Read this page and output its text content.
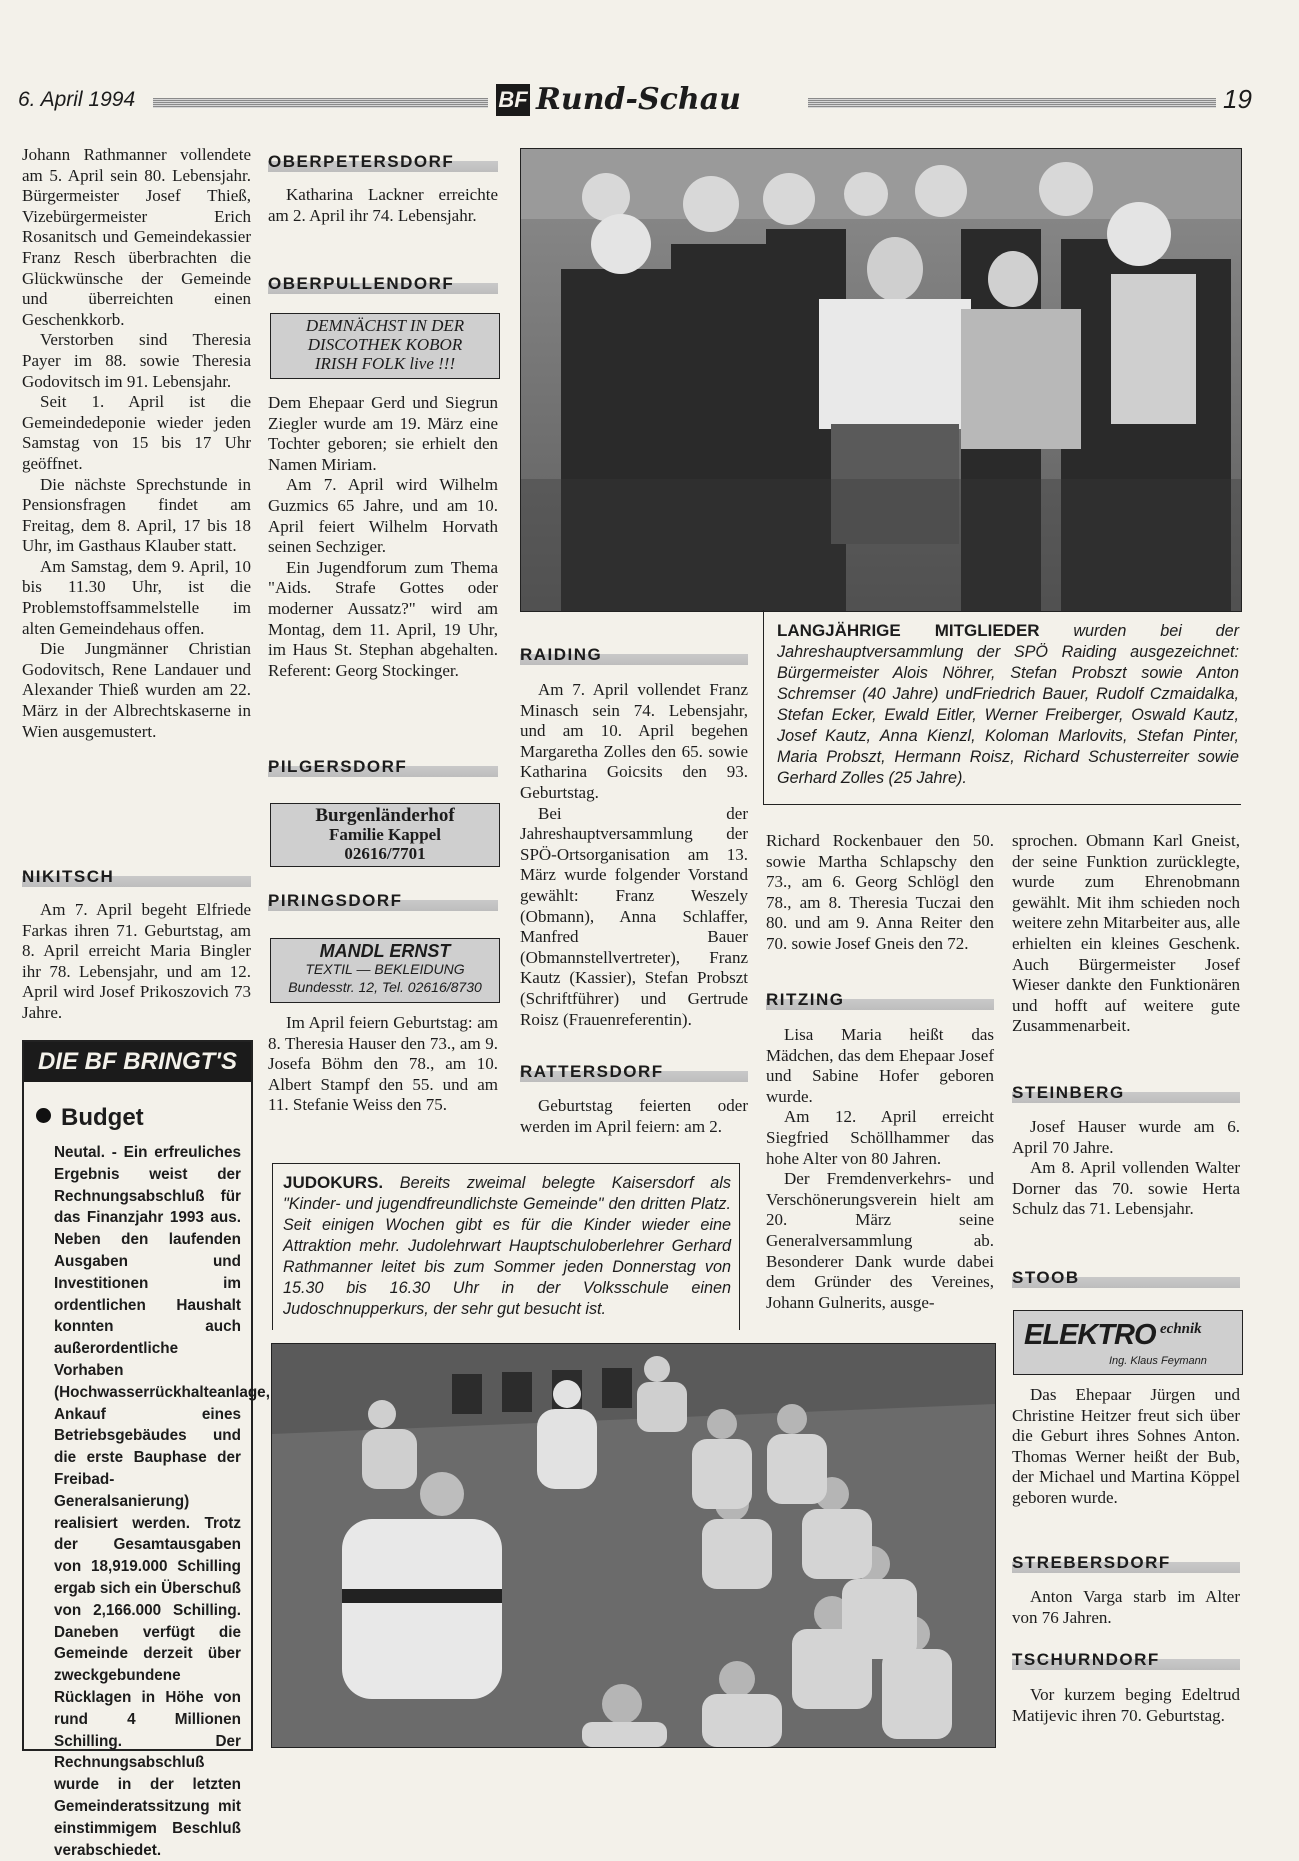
6. April 1994	BF Rund-Schau	19

Johann Rathmanner vollendete am 5. April sein 80. Lebensjahr. Bürgermeister Josef Thieß, Vizebürgermeister Erich Rosanitsch und Gemeindekassier Franz Resch überbrachten die Glückwünsche der Gemeinde und überreichten einen Geschenkkorb.

Verstorben sind Theresia Payer im 88. sowie Theresia Godovitsch im 91. Lebensjahr.

Seit 1. April ist die Gemeindedeponie wieder jeden Samstag von 15 bis 17 Uhr geöffnet.

Die nächste Sprechstunde in Pensionsfragen findet am Freitag, dem 8. April, 17 bis 18 Uhr, im Gasthaus Klauber statt.

Am Samstag, dem 9. April, 10 bis 11.30 Uhr, ist die Problemstoffsammelstelle im alten Gemeindehaus offen.

Die Jungmänner Christian Godovitsch, Rene Landauer und Alexander Thieß wurden am 22. März in der Albrechtskaserne in Wien ausgemustert.

NIKITSCH

Am 7. April begeht Elfriede Farkas ihren 71. Geburtstag, am 8. April erreicht Maria Bingler ihr 78. Lebensjahr, und am 12. April wird Josef Prikoszovich 73 Jahre.

DIE BF BRINGT'S
Budget
Neutal. - Ein erfreuliches Ergebnis weist der Rechnungsabschluß für das Finanzjahr 1993 aus. Neben den laufenden Ausgaben und Investitionen im ordentlichen Haushalt konnten auch außerordentliche Vorhaben (Hochwasserrückhalteanlage, Ankauf eines Betriebsgebäudes und die erste Bauphase der Freibad-Generalsanierung) realisiert werden. Trotz der Gesamtausgaben von 18,919.000 Schilling ergab sich ein Überschuß von 2,166.000 Schilling. Daneben verfügt die Gemeinde derzeit über zweckgebundene Rücklagen in Höhe von rund 4 Millionen Schilling. Der Rechnungsabschluß wurde in der letzten Gemeinderatssitzung mit einstimmigem Beschluß verabschiedet.
OBERPETERSDORF

Katharina Lackner erreichte am 2. April ihr 74. Lebensjahr.

OBERPULLENDORF
DEMNÄCHST IN DER
DISCOTHEK KOBOR
IRISH FOLK live !!!

Dem Ehepaar Gerd und Siegrun Ziegler wurde am 19. März eine Tochter geboren; sie erhielt den Namen Miriam.

Am 7. April wird Wilhelm Guzmics 65 Jahre, und am 10. April feiert Wilhelm Horvath seinen Sechziger.

Ein Jugendforum zum Thema "Aids. Strafe Gottes oder moderner Aussatz?" wird am Montag, dem 11. April, 19 Uhr, im Haus St. Stephan abgehalten. Referent: Georg Stockinger.

PILGERSDORF
Burgenländerhof
Familie Kappel
02616/7701
PIRINGSDORF
MANDL ERNST
TEXTIL — BEKLEIDUNG
Bundesstr. 12, Tel. 02616/8730

Im April feiern Geburtstag: am 8. Theresia Hauser den 73., am 9. Josefa Böhm den 78., am 10. Albert Stampf den 55. und am 11. Stefanie Weiss den 75.

LANGJÄHRIGE MITGLIEDER wurden bei der Jahreshauptversammlung der SPÖ Raiding ausgezeichnet: Bürgermeister Alois Nöhrer, Stefan Probszt sowie Anton Schremser (40 Jahre) undFriedrich Bauer, Rudolf Czmaidalka, Stefan Ecker, Ewald Eitler, Werner Freiberger, Oswald Kautz, Josef Kautz, Anna Kienzl, Koloman Marlovits, Stefan Pinter, Maria Probszt, Hermann Roisz, Richard Schusterreiter sowie Gerhard Zolles (25 Jahre).
RAIDING

Am 7. April vollendet Franz Minasch sein 74. Lebensjahr, und am 10. April begehen Margaretha Zolles den 65. sowie Katharina Goicsits den 93. Geburtstag.

Bei der Jahreshauptversammlung der SPÖ-Ortsorganisation am 13. März wurde folgender Vorstand gewählt: Franz Weszely (Obmann), Anna Schlaffer, Manfred Bauer (Obmannstellvertreter), Franz Kautz (Kassier), Stefan Probszt (Schriftführer) und Gertrude Roisz (Frauenreferentin).

RATTERSDORF

Geburtstag feierten oder werden im April feiern: am 2.

Richard Rockenbauer den 50. sowie Martha Schlapschy den 73., am 6. Georg Schlögl den 78., am 8. Theresia Tuczai den 80. und am 9. Anna Reiter den 70. sowie Josef Gneis den 72.

RITZING

Lisa Maria heißt das Mädchen, das dem Ehepaar Josef und Sabine Hofer geboren wurde.

Am 12. April erreicht Siegfried Schöllhammer das hohe Alter von 80 Jahren.

Der Fremdenverkehrs- und Verschönerungsverein hielt am 20. März seine Generalversammlung ab. Besonderer Dank wurde dabei dem Gründer des Vereines, Johann Gulnerits, ausge-

sprochen. Obmann Karl Gneist, der seine Funktion zurücklegte, wurde zum Ehrenobmann gewählt. Mit ihm schieden noch weitere zehn Mitarbeiter aus, alle erhielten ein kleines Geschenk. Auch Bürgermeister Josef Wieser dankte den Funktionären und hofft auf weitere gute Zusammenarbeit.

STEINBERG

Josef Hauser wurde am 6. April 70 Jahre.

Am 8. April vollenden Walter Dorner das 70. sowie Herta Schulz das 71. Lebensjahr.

STOOB
ELEKTRO echnik
Ing. Klaus Feymann

Das Ehepaar Jürgen und Christine Heitzer freut sich über die Geburt ihres Sohnes Anton. Thomas Werner heißt der Bub, der Michael und Martina Köppel geboren wurde.

STREBERSDORF

Anton Varga starb im Alter von 76 Jahren.

TSCHURNDORF

Vor kurzem beging Edeltrud Matijevic ihren 70. Geburtstag.

JUDOKURS. Bereits zweimal belegte Kaisersdorf als "Kinder- und jugendfreundlichste Gemeinde" den dritten Platz. Seit einigen Wochen gibt es für die Kinder wieder eine Attraktion mehr. Judolehrwart Hauptschuloberlehrer Gerhard Rathmanner leitet bis zum Sommer jeden Donnerstag von 15.30 bis 16.30 Uhr in der Volksschule einen Judoschnupperkurs, der sehr gut besucht ist.
